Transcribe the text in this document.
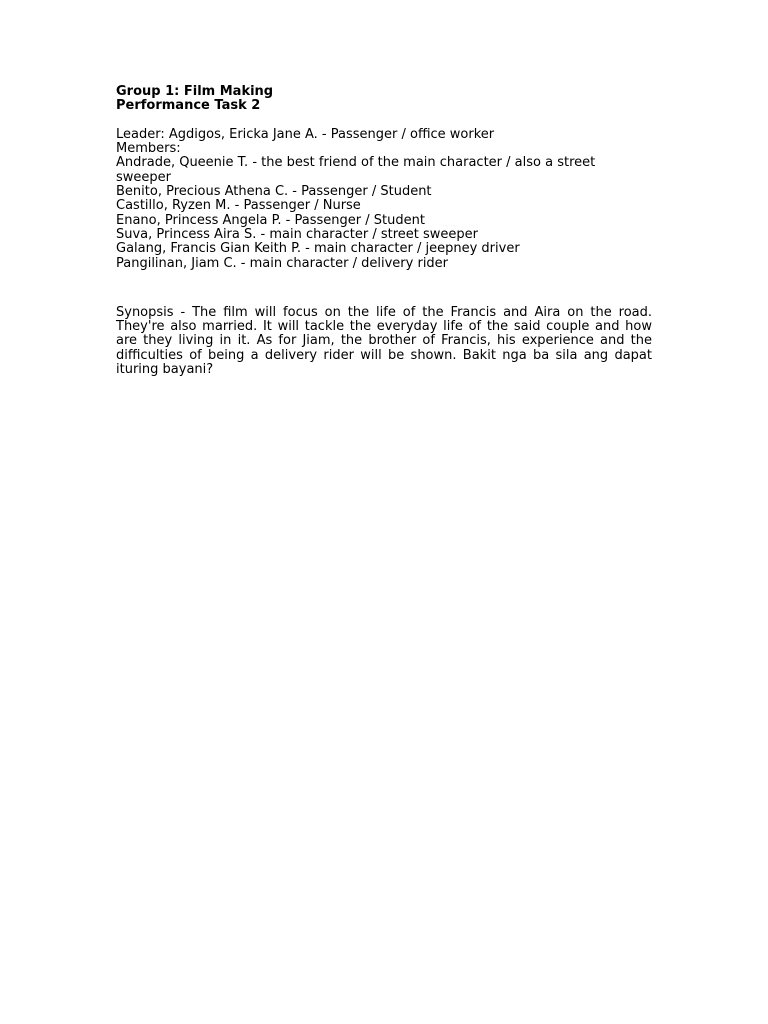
Group 1: Film Making
Performance Task 2
Leader: Agdigos, Ericka Jane A. - Passenger / office worker
Members:
Andrade, Queenie T. - the best friend of the main character / also a street sweeper
Benito, Precious Athena C. - Passenger / Student
Castillo, Ryzen M. - Passenger / Nurse
Enano, Princess Angela P. - Passenger / Student
Suva, Princess Aira S. - main character / street sweeper
Galang, Francis Gian Keith P. - main character / jeepney driver
Pangilinan, Jiam C. - main character / delivery rider
Synopsis - The film will focus on the life of the Francis and Aira on the road. They're also married. It will tackle the everyday life of the said couple and how are they living in it. As for Jiam, the brother of Francis, his experience and the difficulties of being a delivery rider will be shown. Bakit nga ba sila ang dapat ituring bayani?
